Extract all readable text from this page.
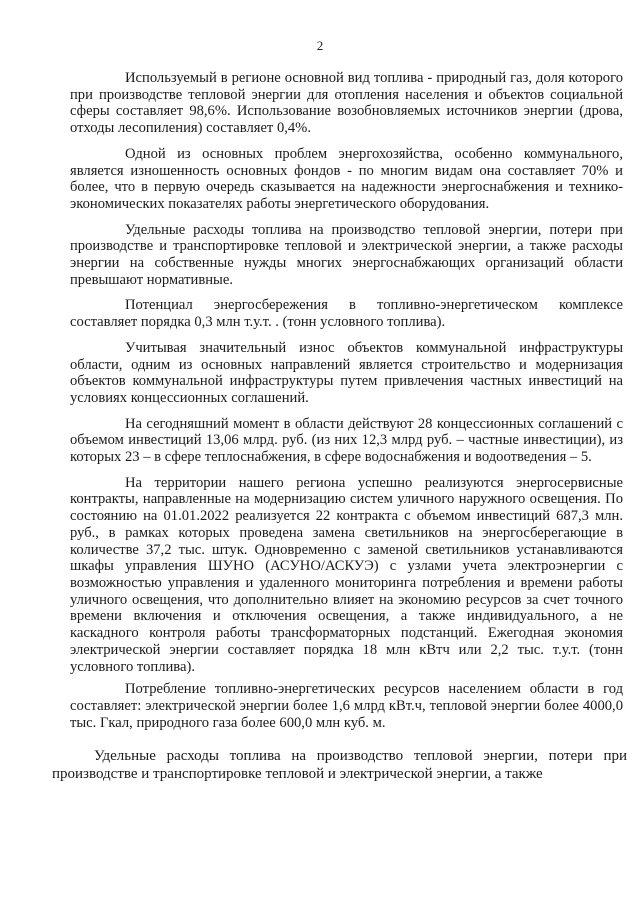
2

Используемый в регионе основной вид топлива - природный газ, доля которого при производстве тепловой энергии для отопления населения и объектов социальной сферы составляет 98,6%. Использование возобновляемых источников энергии (дрова, отходы лесопиления) составляет 0,4%.

Одной из основных проблем энергохозяйства, особенно коммунального, является изношенность основных фондов - по многим видам она составляет 70% и более, что в первую очередь сказывается на надежности энергоснабжения и технико-экономических показателях работы энергетического оборудования.

Удельные расходы топлива на производство тепловой энергии, потери при производстве и транспортировке тепловой и электрической энергии, а также расходы энергии на собственные нужды многих энергоснабжающих организаций области превышают нормативные.

Потенциал энергосбережения в топливно-энергетическом комплексе составляет порядка 0,3 млн т.у.т. . (тонн условного топлива).

Учитывая значительный износ объектов коммунальной инфраструктуры области, одним из основных направлений является строительство и модернизация объектов коммунальной инфраструктуры путем привлечения частных инвестиций на условиях концессионных соглашений.

На сегодняшний момент в области действуют 28 концессионных соглашений с объемом инвестиций 13,06 млрд. руб. (из них 12,3 млрд руб. – частные инвестиции), из которых 23 – в сфере теплоснабжения, в сфере водоснабжения и водоотведения – 5.

На территории нашего региона успешно реализуются энергосервисные контракты, направленные на модернизацию систем уличного наружного освещения. По состоянию на 01.01.2022 реализуется 22 контракта с объемом инвестиций 687,3 млн. руб., в рамках которых проведена замена светильников на энергосберегающие в количестве 37,2 тыс. штук. Одновременно с заменой светильников устанавливаются шкафы управления ШУНО (АСУНО/АСКУЭ) с узлами учета электроэнергии с возможностью управления и удаленного мониторинга потребления и времени работы уличного освещения, что дополнительно влияет на экономию ресурсов за счет точного времени включения и отключения освещения, а также индивидуального, а не каскадного контроля работы трансформаторных подстанций. Ежегодная экономия электрической энергии составляет порядка 18 млн кВтч или 2,2 тыс. т.у.т. (тонн условного топлива).

Потребление топливно-энергетических ресурсов населением области в год составляет: электрической энергии более 1,6 млрд кВт.ч, тепловой энергии более 4000,0 тыс. Гкал, природного газа более 600,0 млн куб. м.

Удельные расходы топлива на производство тепловой энергии, потери при производстве и транспортировке тепловой и электрической энергии, а также
